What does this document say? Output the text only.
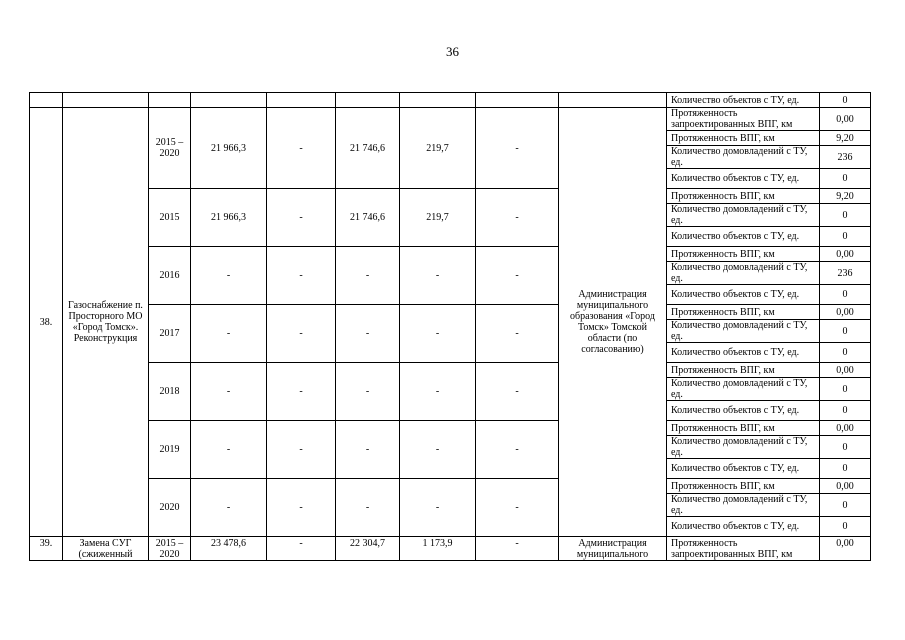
36
									Количество объектов с ТУ, ед.	0
38.	Газоснабжение п. Просторного МО «Город Томск». Реконструкция	2015 – 2020	21 966,3	-	21 746,6	219,7	-	Администрация муниципального образования «Город Томск» Томской области (по согласованию)	Протяженность запроектированных ВПГ, км	0,00
									Протяженность ВПГ, км	9,20
									Количество домовладений с ТУ, ед.	236
									Количество объектов с ТУ, ед.	0
		2015	21 966,3	-	21 746,6	219,7	-		Протяженность ВПГ, км	9,20
									Количество домовладений с ТУ, ед.	0
									Количество объектов с ТУ, ед.	0
		2016	-	-	-	-	-		Протяженность ВПГ, км	0,00
									Количество домовладений с ТУ, ед.	236
									Количество объектов с ТУ, ед.	0
		2017	-	-	-	-	-		Протяженность ВПГ, км	0,00
									Количество домовладений с ТУ, ед.	0
									Количество объектов с ТУ, ед.	0
		2018	-	-	-	-	-		Протяженность ВПГ, км	0,00
									Количество домовладений с ТУ, ед.	0
									Количество объектов с ТУ, ед.	0
		2019	-	-	-	-	-		Протяженность ВПГ, км	0,00
									Количество домовладений с ТУ, ед.	0
									Количество объектов с ТУ, ед.	0
		2020	-	-	-	-	-		Протяженность ВПГ, км	0,00
									Количество домовладений с ТУ, ед.	0
									Количество объектов с ТУ, ед.	0
39.	Замена СУГ (сжиженный	2015 – 2020	23 478,6	-	22 304,7	1 173,9	-	Администрация муниципального	Протяженность запроектированных ВПГ, км	0,00
